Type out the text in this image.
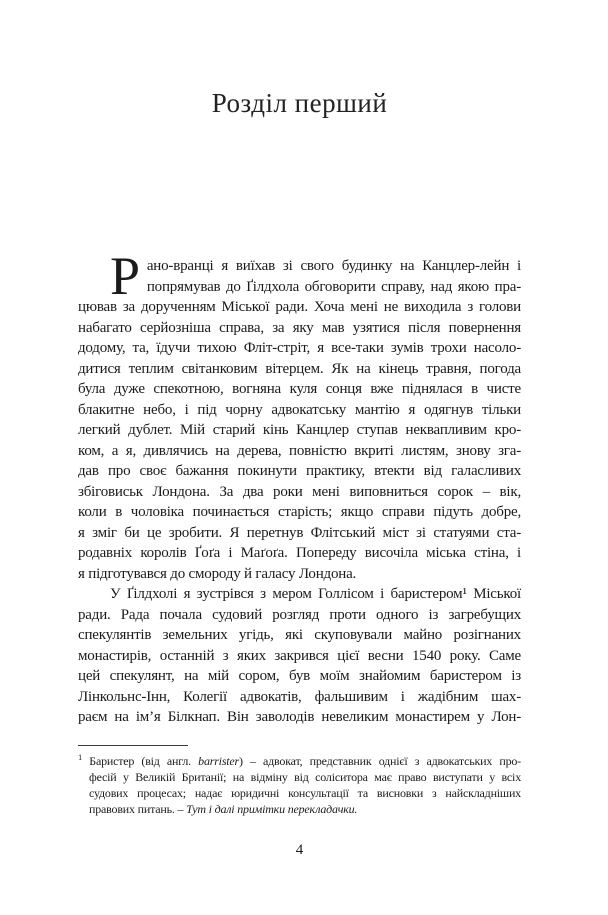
Розділ перший
Р ано-вранці я виїхав зі свого будинку на Канцлер-лейн і
попрямував до Ґілдхола обговорити справу, над якою пра-
цював за дорученням Міської ради. Хоча мені не виходила з голови
набагато серйозніша справа, за яку мав узятися після повернення
додому, та, їдучи тихою Фліт-стріт, я все-таки зумів трохи насоло-
дитися теплим світанковим вітерцем. Як на кінець травня, погода
була дуже спекотною, вогняна куля сонця вже піднялася в чисте
блакитне небо, і під чорну адвокатську мантію я одягнув тільки
легкий дублет. Мій старий кінь Канцлер ступав неквапливим кро-
ком, а я, дивлячись на дерева, повністю вкриті листям, знову зга-
дав про своє бажання покинути практику, втекти від галасливих
збіговиськ Лондона. За два роки мені виповниться сорок – вік,
коли в чоловіка починається старість; якщо справи підуть добре,
я зміг би це зробити. Я перетнув Флітський міст зі статуями ста-
родавніх королів Ґоґа і Маґоґа. Попереду височіла міська стіна, і
я підготувався до смороду й галасу Лондона.
У Ґілдхолі я зустрівся з мером Голлісом і баристером¹ Міської
ради. Рада почала судовий розгляд проти одного із загребущих
спекулянтів земельних угідь, які скуповували майно розігнаних
монастирів, останній з яких закрився цієї весни 1540 року. Саме
цей спекулянт, на мій сором, був моїм знайомим баристером із
Лінкольнс-Інн, Колегії адвокатів, фальшивим і жадібним шах-
раєм на ім’я Білкнап. Він заволодів невеликим монастирем у Лон-
$^1$ Баристер (від англ. barrister) – адвокат, представник однієї з адвокатських про-
фесій у Великій Британії; на відміну від соліситора має право виступати у всіх
судових процесах; надає юридичні консультації та висновки з найскладніших
правових питань. – Тут і далі примітки перекладачки.
4
